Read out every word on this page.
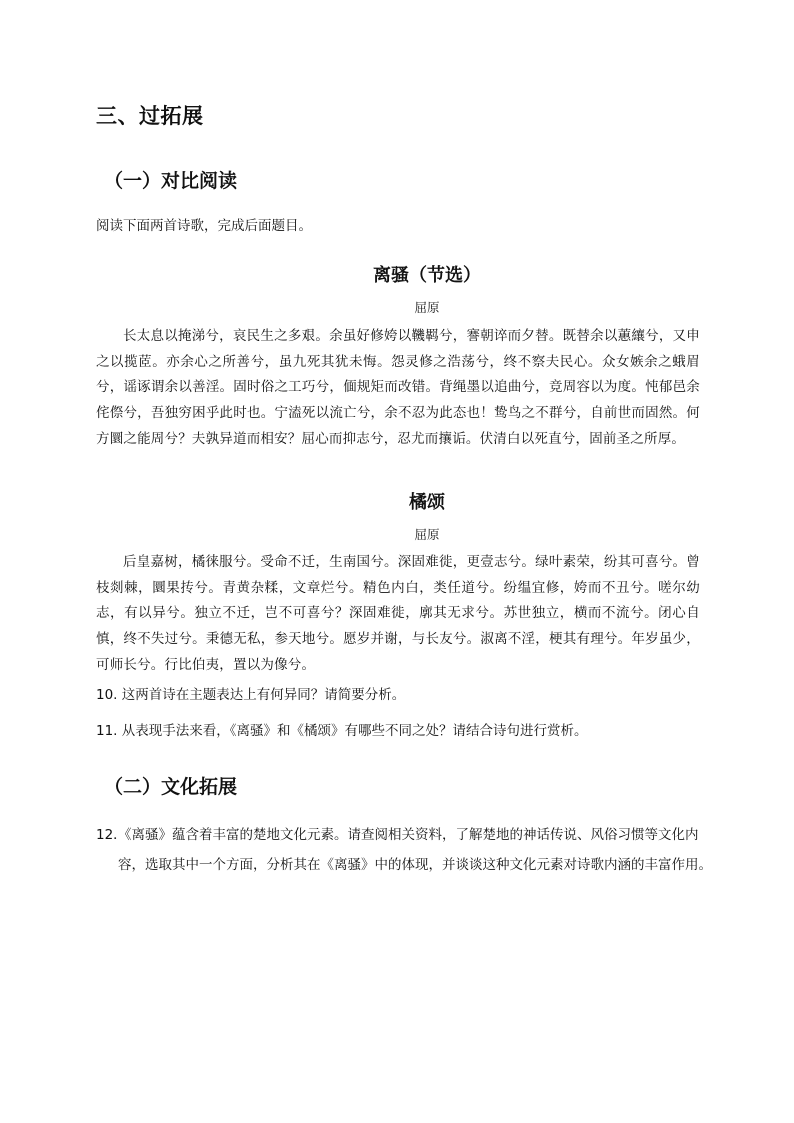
三、过拓展
（一）对比阅读
阅读下面两首诗歌，完成后面题目。
离骚（节选）
屈原
长太息以掩涕兮，哀民生之多艰。余虽好修姱以鞿羁兮，謇朝谇而夕替。既替余以蕙纕兮，又申之以揽茝。亦余心之所善兮，虽九死其犹未悔。怨灵修之浩荡兮，终不察夫民心。众女嫉余之蛾眉兮，谣诼谓余以善淫。固时俗之工巧兮，偭规矩而改错。背绳墨以追曲兮，竞周容以为度。忳郁邑余侘傺兮，吾独穷困乎此时也。宁溘死以流亡兮，余不忍为此态也！鸷鸟之不群兮，自前世而固然。何方圜之能周兮？夫孰异道而相安？屈心而抑志兮，忍尤而攘诟。伏清白以死直兮，固前圣之所厚。
橘颂
屈原
后皇嘉树，橘徕服兮。受命不迁，生南国兮。深固难徙，更壹志兮。绿叶素荣，纷其可喜兮。曾枝剡棘，圜果抟兮。青黄杂糅，文章烂兮。精色内白，类任道兮。纷缊宜修，姱而不丑兮。嗟尔幼志，有以异兮。独立不迁，岂不可喜兮？深固难徙，廓其无求兮。苏世独立，横而不流兮。闭心自慎，终不失过兮。秉德无私，参天地兮。愿岁并谢，与长友兮。淑离不淫，梗其有理兮。年岁虽少，可师长兮。行比伯夷，置以为像兮。
10. 这两首诗在主题表达上有何异同？请简要分析。
11. 从表现手法来看，《离骚》和《橘颂》有哪些不同之处？请结合诗句进行赏析。
（二）文化拓展
12．
《离骚》蕴含着丰富的楚地文化元素。请查阅相关资料，了解楚地的神话传说、风俗习惯等文化内容，选取其中一个方面，分析其在《离骚》中的体现，并谈谈这种文化元素对诗歌内涵的丰富作用。
